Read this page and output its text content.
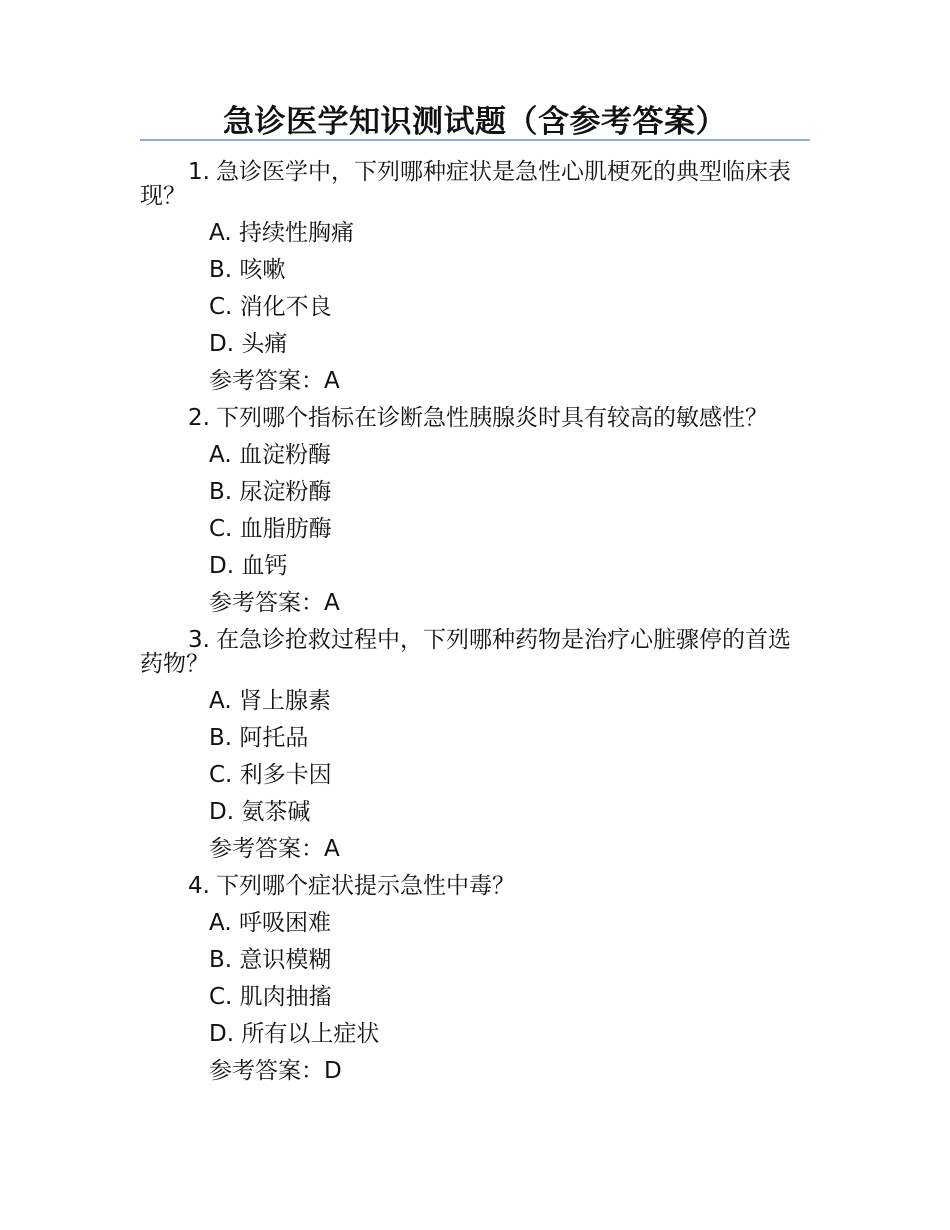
急诊医学知识测试题（含参考答案）
1. 急诊医学中，下列哪种症状是急性心肌梗死的典型临床表现？
A. 持续性胸痛
B. 咳嗽
C. 消化不良
D. 头痛
参考答案：A
2. 下列哪个指标在诊断急性胰腺炎时具有较高的敏感性？
A. 血淀粉酶
B. 尿淀粉酶
C. 血脂肪酶
D. 血钙
参考答案：A
3. 在急诊抢救过程中，下列哪种药物是治疗心脏骤停的首选药物？
A. 肾上腺素
B. 阿托品
C. 利多卡因
D. 氨茶碱
参考答案：A
4. 下列哪个症状提示急性中毒？
A. 呼吸困难
B. 意识模糊
C. 肌肉抽搐
D. 所有以上症状
参考答案：D
